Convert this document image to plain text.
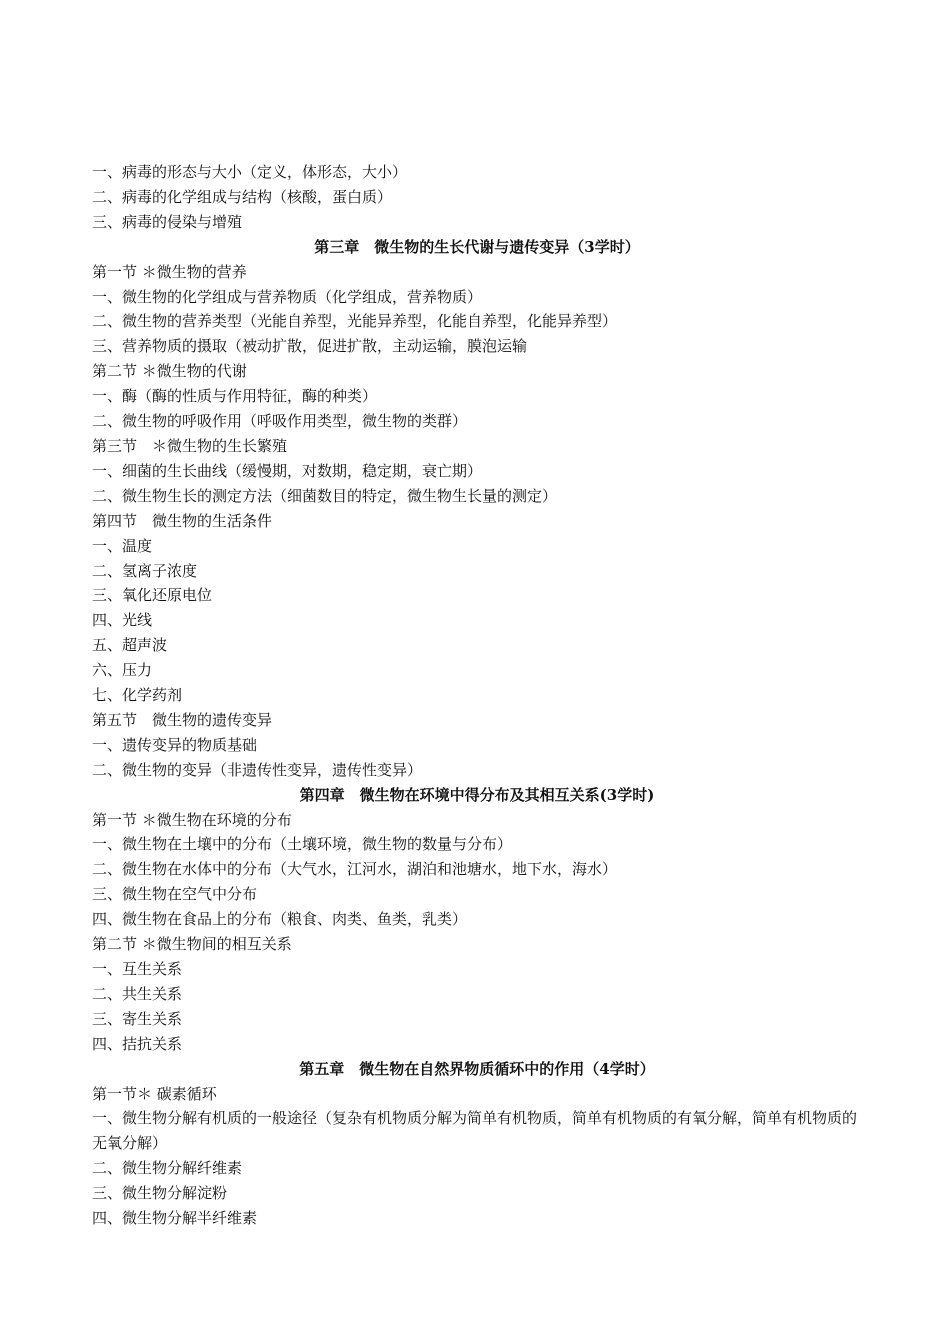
一、病毒的形态与大小（定义，体形态，大小）
二、病毒的化学组成与结构（核酸，蛋白质）
三、病毒的侵染与增殖
第三章　微生物的生长代谢与遗传变异（3学时）
第一节 ＊微生物的营养
一、微生物的化学组成与营养物质（化学组成，营养物质）
二、微生物的营养类型（光能自养型，光能异养型，化能自养型，化能异养型）
三、营养物质的摄取（被动扩散，促进扩散，主动运输，膜泡运输
第二节 ＊微生物的代谢
一、酶（酶的性质与作用特征，酶的种类）
二、微生物的呼吸作用（呼吸作用类型，微生物的类群）
第三节　＊微生物的生长繁殖
一、细菌的生长曲线（缓慢期，对数期，稳定期，衰亡期）
二、微生物生长的测定方法（细菌数目的特定，微生物生长量的测定）
第四节　微生物的生活条件
一、温度
二、氢离子浓度
三、氧化还原电位
四、光线
五、超声波
六、压力
七、化学药剂
第五节　微生物的遗传变异
一、遗传变异的物质基础
二、微生物的变异（非遗传性变异，遗传性变异）
第四章　微生物在环境中得分布及其相互关系(3学时)
第一节 ＊微生物在环境的分布
一、微生物在土壤中的分布（土壤环境，微生物的数量与分布）
二、微生物在水体中的分布（大气水，江河水，湖泊和池塘水，地下水，海水）
三、微生物在空气中分布
四、微生物在食品上的分布（粮食、肉类、鱼类，乳类）
第二节 ＊微生物间的相互关系
一、互生关系
二、共生关系
三、寄生关系
四、拮抗关系
第五章　微生物在自然界物质循环中的作用（4学时）
第一节＊ 碳素循环
一、微生物分解有机质的一般途径（复杂有机物质分解为简单有机物质，简单有机物质的有氧分解，简单有机物质的无氧分解）
二、微生物分解纤维素
三、微生物分解淀粉
四、微生物分解半纤维素
